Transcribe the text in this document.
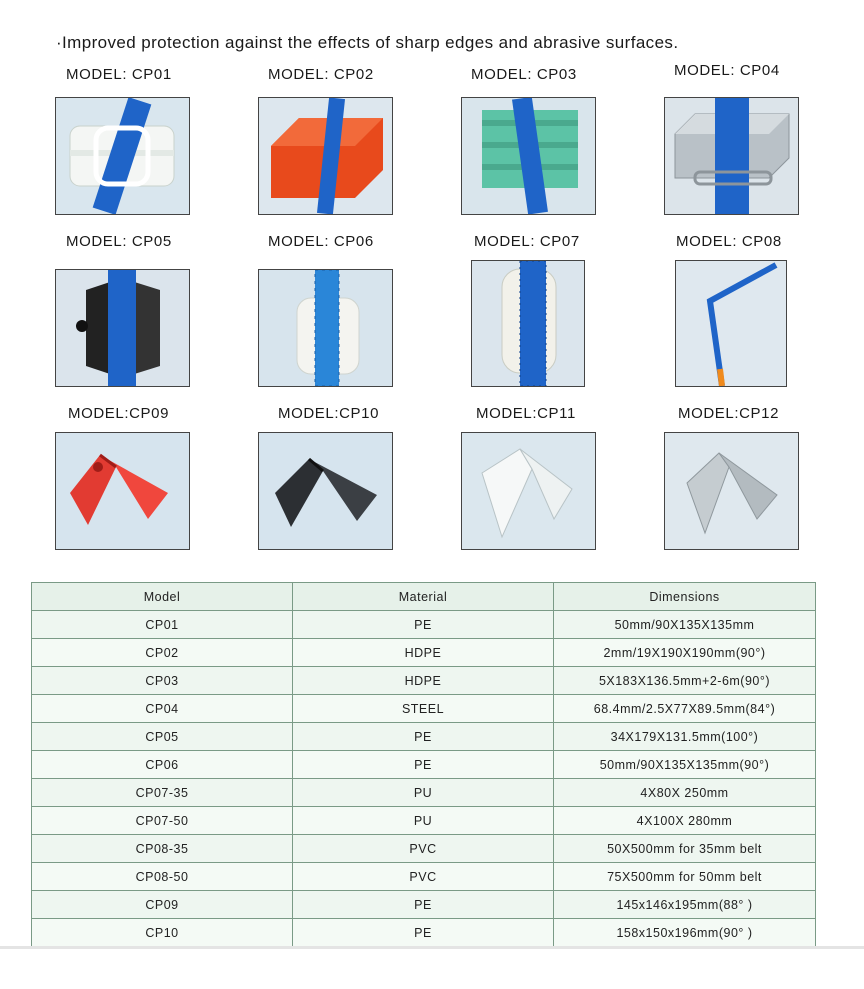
·Improved protection against the effects of sharp edges and abrasive surfaces.
MODEL: CP01	MODEL: CP02	MODEL: CP03	MODEL: CP04
MODEL: CP05	MODEL: CP06	MODEL: CP07	MODEL: CP08
MODEL:CP09	MODEL:CP10	MODEL:CP11	MODEL:CP12
Model	Material	Dimensions
CP01	PE	50mm/90X135X135mm
CP02	HDPE	2mm/19X190X190mm(90°)
CP03	HDPE	5X183X136.5mm+2-6m(90°)
CP04	STEEL	68.4mm/2.5X77X89.5mm(84°)
CP05	PE	34X179X131.5mm(100°)
CP06	PE	50mm/90X135X135mm(90°)
CP07-35	PU	4X80X 250mm
CP07-50	PU	4X100X 280mm
CP08-35	PVC	50X500mm for 35mm belt
CP08-50	PVC	75X500mm for 50mm belt
CP09	PE	145x146x195mm(88° )
CP10	PE	158x150x196mm(90° )
